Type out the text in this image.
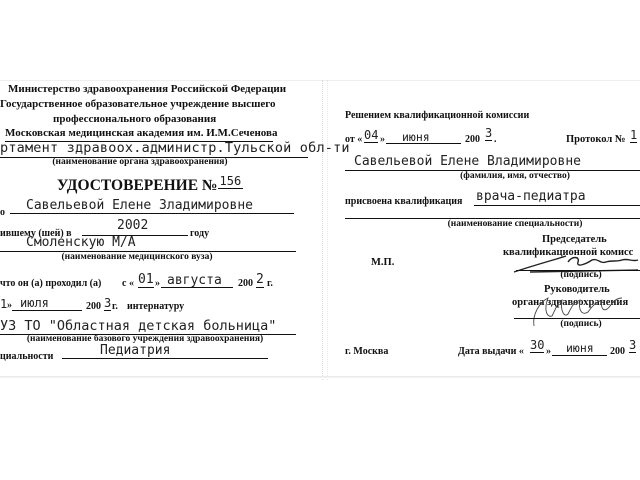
Министерство здравоохранения Российской Федерации
Государственное образовательное учреждение высшего
профессионального образования
Московская медицинская академия им. И.М.Сеченова
ртамент здравоох.администр.Тульской обл-ти
(наименование органа здравоохранения)
УДОСТОВЕРЕНИЕ № $^{156}$
о Савельевой Елене Зладимировне
ившему (шей) в
2002
году
Смоленскую М/А
(наименование медицинского вуза)
что он (а) проходил (а) с « 01 » августа 200 2 г.
1 » июля	200 3 г. интернатуру
УЗ ТО "Областная детская больница"
(наименование базового учреждения здравоохранения)
циальности	Педиатрия
Решением квалификационной комиссии
от « 04 » июня	200 3 .	Протокол № 1
Савельевой Елене Владимировне
(фамилия, имя, отчество)
присвоена квалификация врача-педиатра
(наименование специальности)
Председатель
квалификационной комисс
М.П.
(подпись)
Руководитель
органа здравоохранения
(подпись)
г. Москва	Дата выдачи « 30 » июня 200 3
